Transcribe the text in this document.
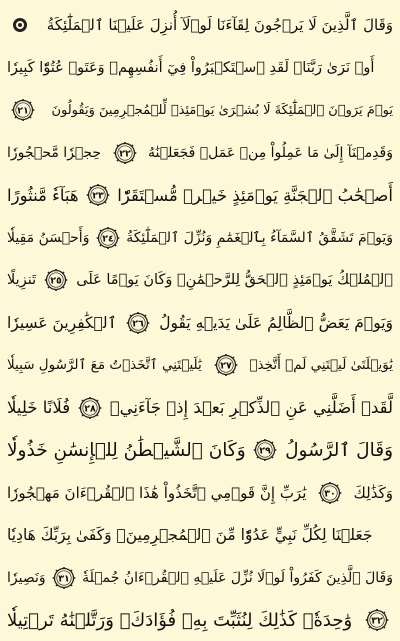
وَقَالَ ٱلَّذِينَ لَا يَرۡجُونَ لِقَآءَنَا لَوۡلَآ أُنزِلَ عَلَيۡنَا ٱلۡمَلَٰٓئِكَةُ
أَوۡ نَرَىٰ رَبَّنَاۗ لَقَدِ ٱسۡتَكۡبَرُواْ فِيٓ أَنفُسِهِمۡ وَعَتَوۡ عُتُوّٗا كَبِيرٗا
٢١ يَوۡمَ يَرَوۡنَ ٱلۡمَلَٰٓئِكَةَ لَا بُشۡرَىٰ يَوۡمَئِذٖ لِّلۡمُجۡرِمِينَ وَيَقُولُونَ
حِجۡرٗا مَّحۡجُورٗا ٢٢ وَقَدِمۡنَآ إِلَىٰ مَا عَمِلُواْ مِنۡ عَمَلٖ فَجَعَلۡنَٰهُ
هَبَآءٗ مَّنثُورًا ٢٣ أَصۡحَٰبُ ٱلۡجَنَّةِ يَوۡمَئِذٍ خَيۡرٞ مُّسۡتَقَرّٗا
وَأَحۡسَنُ مَقِيلٗا ٢٤ وَيَوۡمَ تَشَقَّقُ ٱلسَّمَآءُ بِٱلۡغَمَٰمِ وَنُزِّلَ ٱلۡمَلَٰٓئِكَةُ
تَنزِيلًا ٢٥ ٱلۡمُلۡكُ يَوۡمَئِذٍ ٱلۡحَقُّ لِلرَّحۡمَٰنِۚ وَكَانَ يَوۡمًا عَلَى
ٱلۡكَٰفِرِينَ عَسِيرٗا ٢٦ وَيَوۡمَ يَعَضُّ ٱلظَّالِمُ عَلَىٰ يَدَيۡهِ يَقُولُ
يَٰلَيۡتَنِي ٱتَّخَذۡتُ مَعَ ٱلرَّسُولِ سَبِيلٗا ٢٧ يَٰوَيۡلَتَىٰ لَيۡتَنِي لَمۡ أَتَّخِذۡ
فُلَانًا خَلِيلٗا ٢٨ لَّقَدۡ أَضَلَّنِي عَنِ ٱلذِّكۡرِ بَعۡدَ إِذۡ جَآءَنِيۗ
وَكَانَ ٱلشَّيۡطَٰنُ لِلۡإِنسَٰنِ خَذُولٗا ٢٩ وَقَالَ ٱلرَّسُولُ
يَٰرَبِّ إِنَّ قَوۡمِي ٱتَّخَذُواْ هَٰذَا ٱلۡقُرۡءَانَ مَهۡجُورٗا ٣٠ وَكَذَٰلِكَ
جَعَلۡنَا لِكُلِّ نَبِيٍّ عَدُوّٗا مِّنَ ٱلۡمُجۡرِمِينَۗ وَكَفَىٰ بِرَبِّكَ هَادِيٗا
وَنَصِيرٗا ٣١ وَقَالَ ٱلَّذِينَ كَفَرُواْ لَوۡلَا نُزِّلَ عَلَيۡهِ ٱلۡقُرۡءَانُ جُمۡلَةٗ
وَٰحِدَةٗۚ كَذَٰلِكَ لِنُثَبِّتَ بِهِۦ فُؤَادَكَۖ وَرَتَّلۡنَٰهُ تَرۡتِيلٗا ٣٢
